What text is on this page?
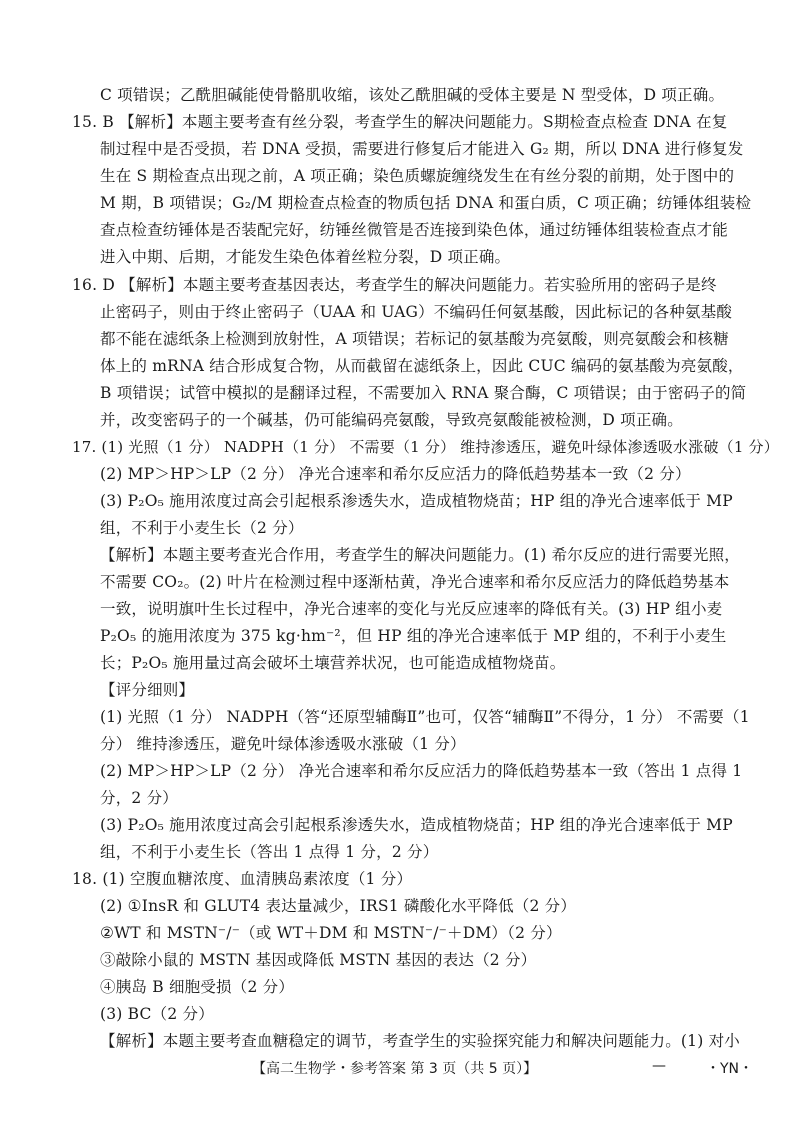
C 项错误；乙酰胆碱能使骨骼肌收缩，该处乙酰胆碱的受体主要是 N 型受体，D 项正确。
15. B 【解析】本题主要考查有丝分裂，考查学生的解决问题能力。S期检查点检查 DNA 在复
制过程中是否受损，若 DNA 受损，需要进行修复后才能进入 G₂ 期，所以 DNA 进行修复发
生在 S 期检查点出现之前，A 项正确；染色质螺旋缠绕发生在有丝分裂的前期，处于图中的
M 期，B 项错误；G₂/M 期检查点检查的物质包括 DNA 和蛋白质，C 项正确；纺锤体组装检
查点检查纺锤体是否装配完好，纺锤丝微管是否连接到染色体，通过纺锤体组装检查点才能
进入中期、后期，才能发生染色体着丝粒分裂，D 项正确。
16. D 【解析】本题主要考查基因表达，考查学生的解决问题能力。若实验所用的密码子是终
止密码子，则由于终止密码子（UAA 和 UAG）不编码任何氨基酸，因此标记的各种氨基酸
都不能在滤纸条上检测到放射性，A 项错误；若标记的氨基酸为亮氨酸，则亮氨酸会和核糖
体上的 mRNA 结合形成复合物，从而截留在滤纸条上，因此 CUC 编码的氨基酸为亮氨酸，
B 项错误；试管中模拟的是翻译过程，不需要加入 RNA 聚合酶，C 项错误；由于密码子的简
并，改变密码子的一个碱基，仍可能编码亮氨酸，导致亮氨酸能被检测，D 项正确。
17. (1) 光照（1 分） NADPH（1 分） 不需要（1 分） 维持渗透压，避免叶绿体渗透吸水涨破（1 分）
(2) MP＞HP＞LP（2 分） 净光合速率和希尔反应活力的降低趋势基本一致（2 分）
(3) P₂O₅ 施用浓度过高会引起根系渗透失水，造成植物烧苗；HP 组的净光合速率低于 MP
组，不利于小麦生长（2 分）
【解析】本题主要考查光合作用，考查学生的解决问题能力。(1) 希尔反应的进行需要光照，
不需要 CO₂。(2) 叶片在检测过程中逐渐枯黄，净光合速率和希尔反应活力的降低趋势基本
一致，说明旗叶生长过程中，净光合速率的变化与光反应速率的降低有关。(3) HP 组小麦
P₂O₅ 的施用浓度为 375 kg·hm⁻²，但 HP 组的净光合速率低于 MP 组的，不利于小麦生
长；P₂O₅ 施用量过高会破坏土壤营养状况，也可能造成植物烧苗。
【评分细则】
(1) 光照（1 分） NADPH（答“还原型辅酶Ⅱ”也可，仅答“辅酶Ⅱ”不得分，1 分） 不需要（1
分） 维持渗透压，避免叶绿体渗透吸水涨破（1 分）
(2) MP＞HP＞LP（2 分） 净光合速率和希尔反应活力的降低趋势基本一致（答出 1 点得 1
分，2 分）
(3) P₂O₅ 施用浓度过高会引起根系渗透失水，造成植物烧苗；HP 组的净光合速率低于 MP
组，不利于小麦生长（答出 1 点得 1 分，2 分）
18. (1) 空腹血糖浓度、血清胰岛素浓度（1 分）
(2) ①InsR 和 GLUT4 表达量减少，IRS1 磷酸化水平降低（2 分）
②WT 和 MSTN⁻/⁻（或 WT＋DM 和 MSTN⁻/⁻＋DM）（2 分）
③敲除小鼠的 MSTN 基因或降低 MSTN 基因的表达（2 分）
④胰岛 B 细胞受损（2 分）
(3) BC（2 分）
【解析】本题主要考查血糖稳定的调节，考查学生的实验探究能力和解决问题能力。(1) 对小
【高二生物学・参考答案 第 3 页（共 5 页）】	—	・YN・
